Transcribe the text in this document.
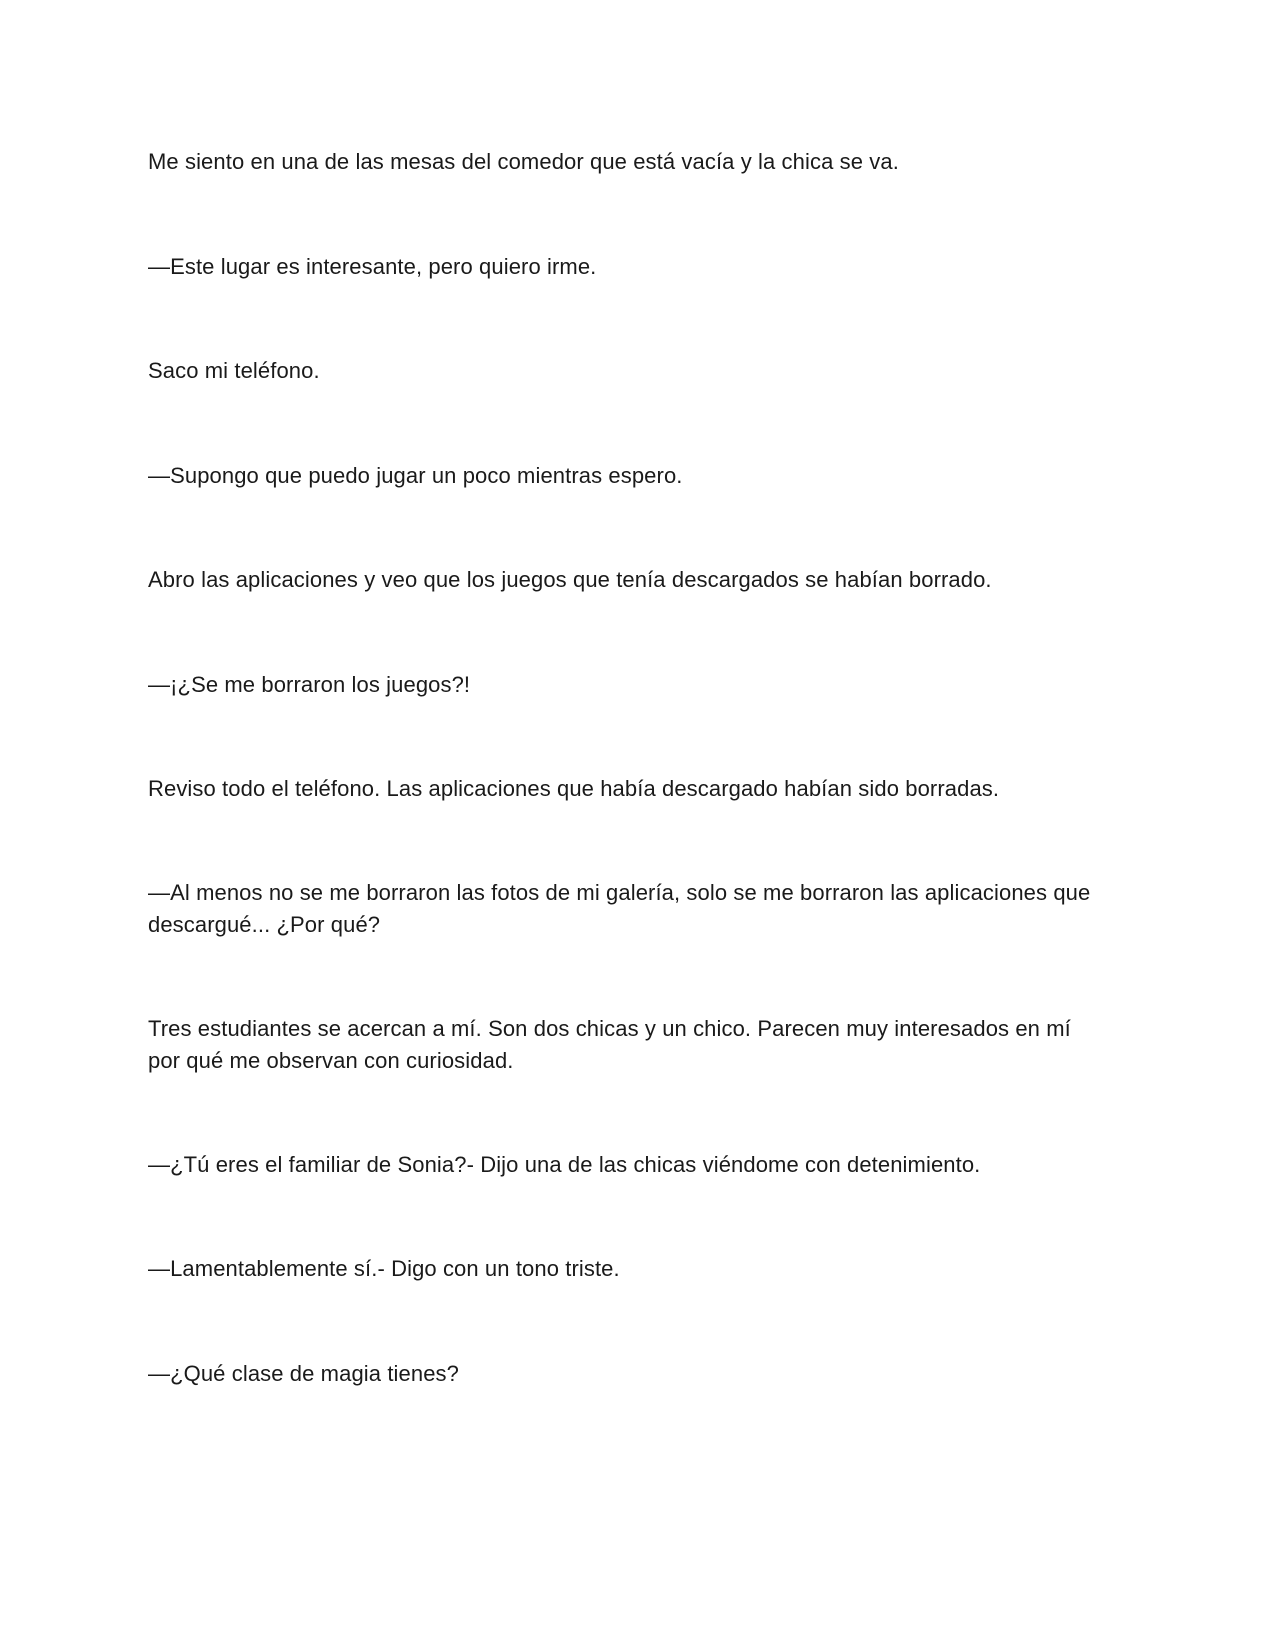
Me siento en una de las mesas del comedor que está vacía y la chica se va.

—Este lugar es interesante, pero quiero irme.

Saco mi teléfono.

—Supongo que puedo jugar un poco mientras espero.

Abro las aplicaciones y veo que los juegos que tenía descargados se habían borrado.

—¡¿Se me borraron los juegos?!

Reviso todo el teléfono. Las aplicaciones que había descargado habían sido borradas.

—Al menos no se me borraron las fotos de mi galería, solo se me borraron las aplicaciones que descargué... ¿Por qué?

Tres estudiantes se acercan a mí. Son dos chicas y un chico. Parecen muy interesados en mí por qué me observan con curiosidad.

—¿Tú eres el familiar de Sonia?- Dijo una de las chicas viéndome con detenimiento.

—Lamentablemente sí.- Digo con un tono triste.

—¿Qué clase de magia tienes?
